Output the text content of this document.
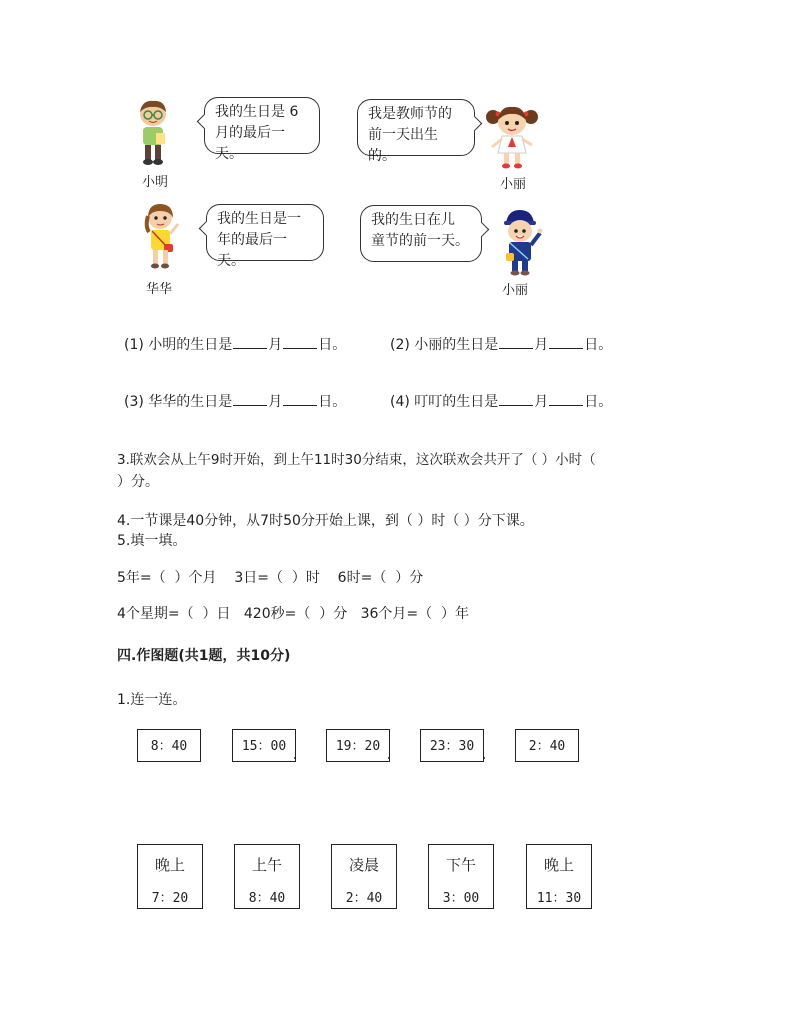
小明
我的生日是 6
月的最后一天。
我是教师节的
前一天出生的。
小丽
华华
我的生日是一
年的最后一天。
我的生日在儿
童节的前一天。
小丽
(1) 小明的生日是	月	日。	(2) 小丽的生日是	月	日。
(3) 华华的生日是	月	日。	(4) 叮叮的生日是	月	日。
3.联欢会从上午9时开始，到上午11时30分结束，这次联欢会共开了（ ）小时（
）分。
4.一节课是40分钟，从7时50分开始上课，到（ ）时（ ）分下课。
5.填一填。
5年=（  ）个月    3日=（  ）时    6时=（  ）分
4个星期=（  ）日   420秒=（  ）分   36个月=（  ）年
四.作图题(共1题，共10分)
1.连一连。
8：40	15：00	19：20	23：30	2：40
晚上
7：20
上午
8：40
凌晨
2：40
下午
3：00
晚上
11：30
